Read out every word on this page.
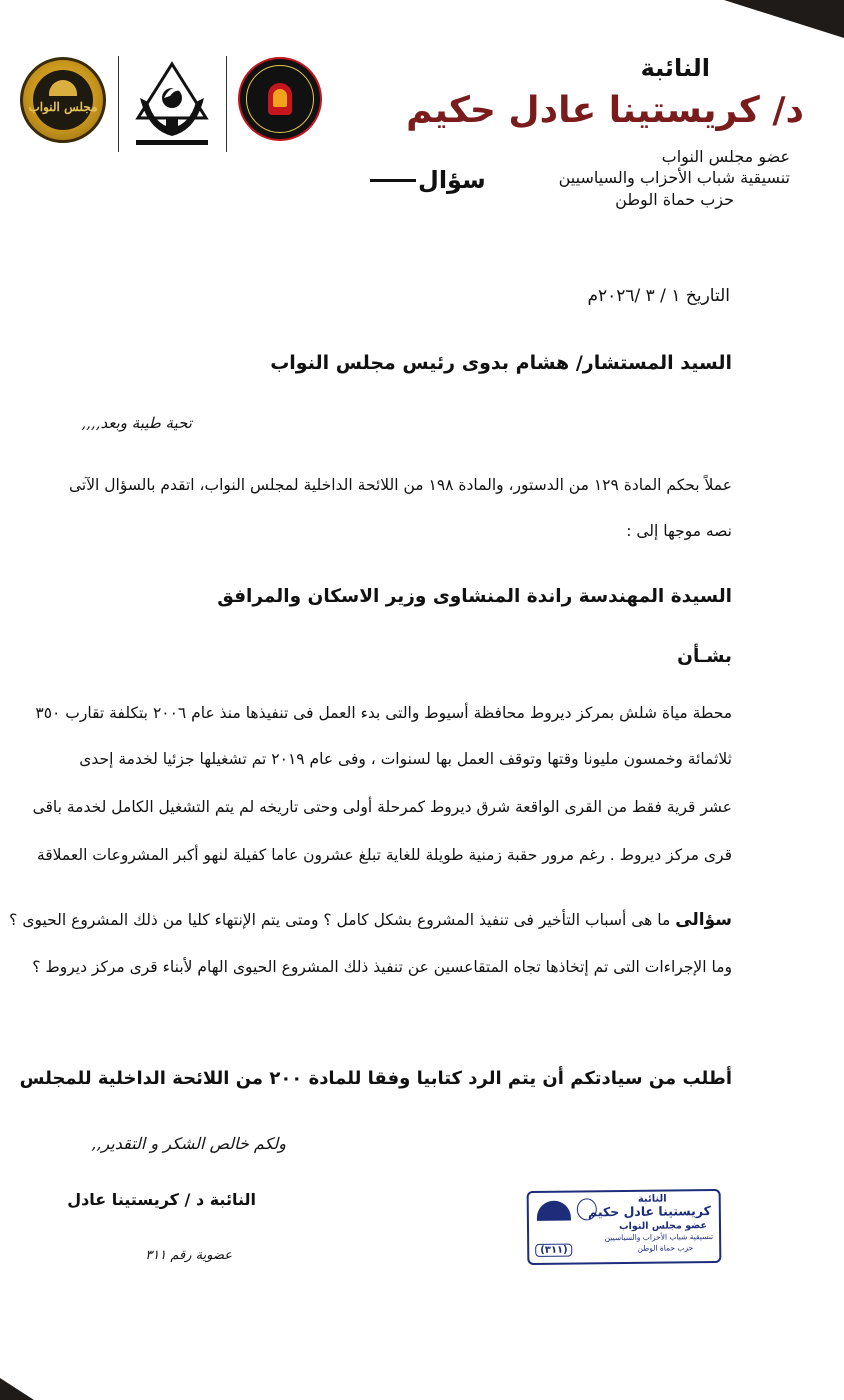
مجلس النواب
النائبة
د/ كريستينا عادل حكيم
عضو مجلس النواب
تنسيقية شباب الأحزاب والسياسيين
حزب حماة الوطن
سؤال
التاريخ ١ / ٣ /٢٠٢٦م
السيد المستشار/ هشام بدوى رئيس مجلس النواب
تحية طيبة وبعد,,,,
عملاً بحكم المادة ١٢٩ من الدستور، والمادة ١٩٨ من اللائحة الداخلية لمجلس النواب، اتقدم بالسؤال الآتى
نصه موجها إلى :
السيدة المهندسة راندة المنشاوى وزير الاسكان والمرافق
بشـأن
محطة مياة شلش بمركز ديروط محافظة أسيوط والتى بدء العمل فى تنفيذها منذ عام ٢٠٠٦ بتكلفة تقارب ٣٥٠
ثلاثمائة وخمسون مليونا وقتها وتوقف العمل بها لسنوات ، وفى عام ٢٠١٩ تم تشغيلها جزئيا لخدمة إحدى
عشر قرية فقط من القرى الواقعة شرق ديروط كمرحلة أولى وحتى تاريخه لم يتم التشغيل الكامل لخدمة باقى
قرى مركز ديروط . رغم مرور حقبة زمنية طويلة للغاية تبلغ عشرون عاما كفيلة لنهو أكبر المشروعات العملاقة
سؤالى ما هى أسباب التأخير فى تنفيذ المشروع بشكل كامل ؟ ومتى يتم الإنتهاء كليا من ذلك المشروع الحيوى ؟
وما الإجراءات التى تم إتخاذها تجاه المتقاعسين عن تنفيذ ذلك المشروع الحيوى الهام لأبناء قرى مركز ديروط ؟
أطلب من سيادتكم أن يتم الرد كتابيا وفقا للمادة ٢٠٠ من اللائحة الداخلية للمجلس
ولكم خالص الشكر و التقدير,,
النائبة د / كريستينا عادل
عضوية رقم ٣١١
النائبة
كريستينا عادل حكيم
عضو مجلس النواب
تنسيقية شباب الأحزاب والسياسيين
حزب حماة الوطن
(٣١١)
